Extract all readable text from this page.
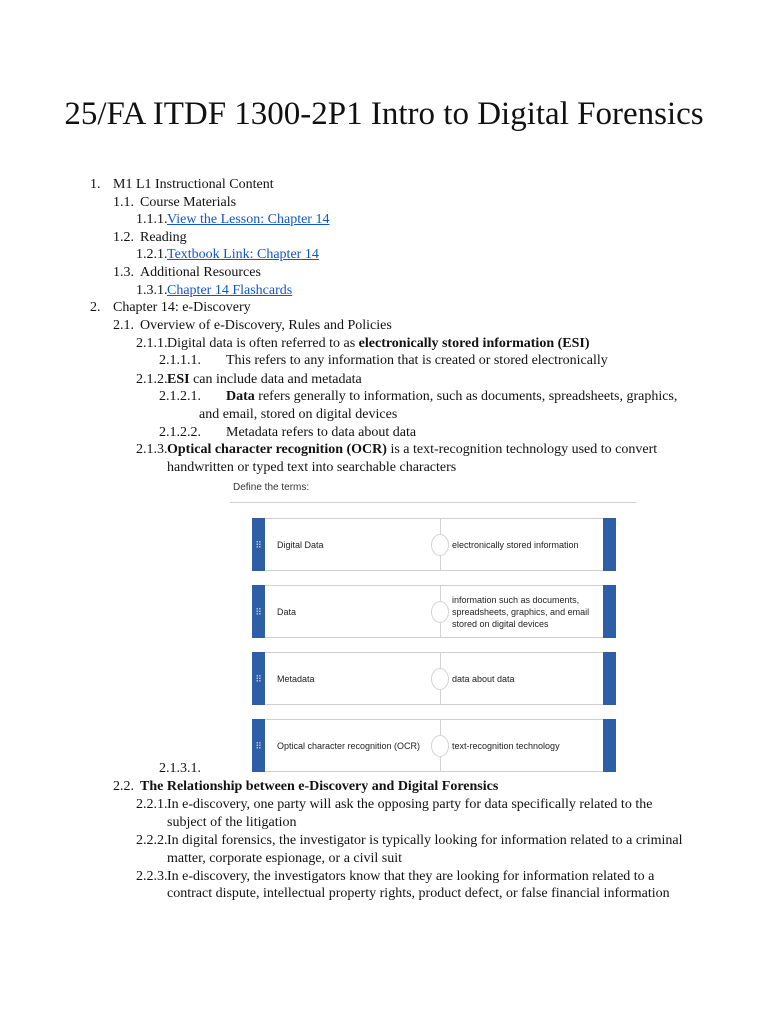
25/FA ITDF 1300-2P1 Intro to Digital Forensics
1. M1 L1 Instructional Content
1.1. Course Materials
1.1.1. View the Lesson: Chapter 14
1.2. Reading
1.2.1. Textbook Link: Chapter 14
1.3. Additional Resources
1.3.1. Chapter 14 Flashcards
2. Chapter 14: e-Discovery
2.1. Overview of e-Discovery, Rules and Policies
2.1.1. Digital data is often referred to as electronically stored information (ESI)
2.1.1.1. This refers to any information that is created or stored electronically
2.1.2. ESI can include data and metadata
2.1.2.1. Data refers generally to information, such as documents, spreadsheets, graphics,
and email, stored on digital devices
2.1.2.2. Metadata refers to data about data
2.1.3. Optical character recognition (OCR) is a text-recognition technology used to convert
handwritten or typed text into searchable characters
Define the terms:
⠿ Digital Data	electronically stored information
⠿ Data
information such as documents, spreadsheets, graphics, and email stored on digital devices
⠿ Metadata	data about data
⠿ Optical character recognition (OCR)	text-recognition technology
2.1.3.1.
2.2. The Relationship between e-Discovery and Digital Forensics
2.2.1. In e-discovery, one party will ask the opposing party for data specifically related to the
subject of the litigation
2.2.2. In digital forensics, the investigator is typically looking for information related to a criminal
matter, corporate espionage, or a civil suit
2.2.3. In e-discovery, the investigators know that they are looking for information related to a
contract dispute, intellectual property rights, product defect, or false financial information
